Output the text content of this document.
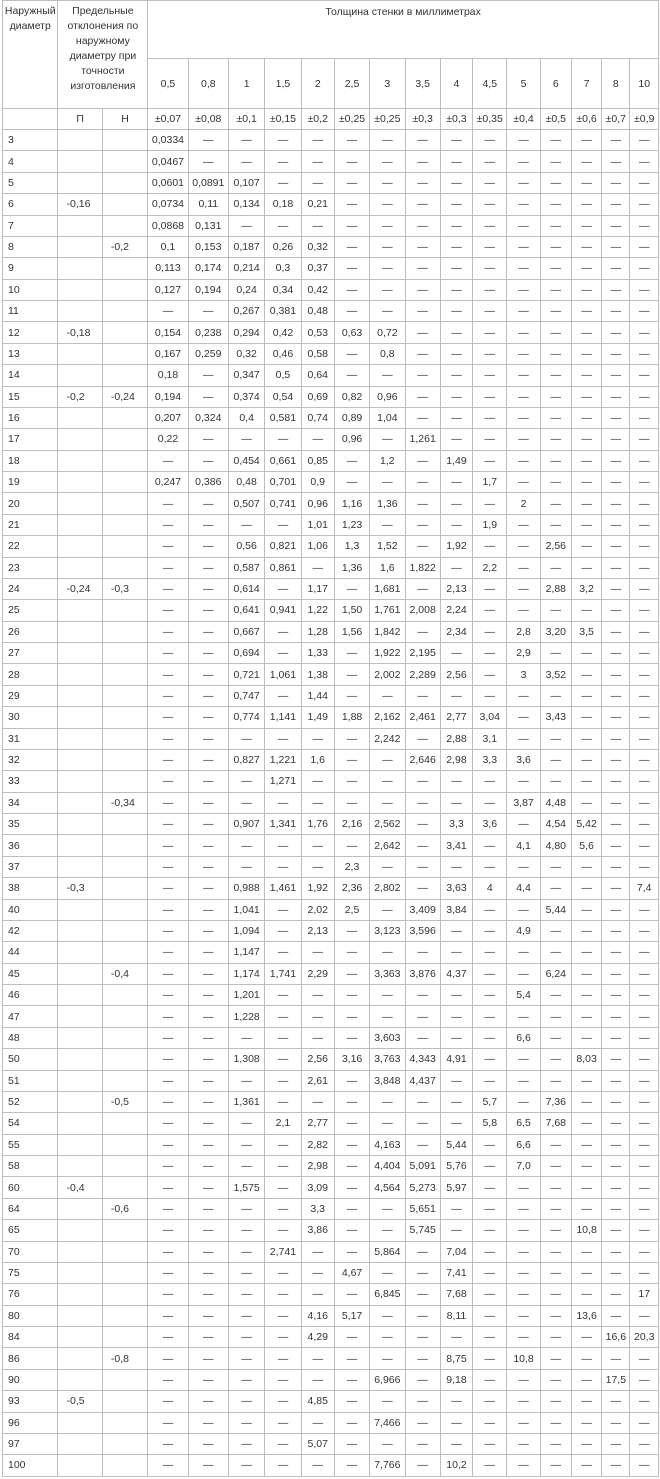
Наружный диаметр	Предельные отклонения по наружному диаметру при точности изготовления		Толщина стенки в миллиметрах														
			0,5	0,8	1	1,5	2	2,5	3	3,5	4	4,5	5	6	7	8	10
	П	Н	±0,07	±0,08	±0,1	±0,15	±0,2	±0,25	±0,25	±0,3	±0,3	±0,35	±0,4	±0,5	±0,6	±0,7	±0,9
3			0,0334	—	—	—	—	—	—	—	—	—	—	—	—	—	—
4			0,0467	—	—	—	—	—	—	—	—	—	—	—	—	—	—
5			0,0601	0,0891	0,107	—	—	—	—	—	—	—	—	—	—	—	—
6	-0,16		0,0734	0,11	0,134	0,18	0,21	—	—	—	—	—	—	—	—	—	—
7			0,0868	0,131	—	—	—	—	—	—	—	—	—	—	—	—	—
8		-0,2	0,1	0,153	0,187	0,26	0,32	—	—	—	—	—	—	—	—	—	—
9			0,113	0,174	0,214	0,3	0,37	—	—	—	—	—	—	—	—	—	—
10			0,127	0,194	0,24	0,34	0,42	—	—	—	—	—	—	—	—	—	—
11			—	—	0,267	0,381	0,48	—	—	—	—	—	—	—	—	—	—
12	-0,18		0,154	0,238	0,294	0,42	0,53	0,63	0,72	—	—	—	—	—	—	—	—
13			0,167	0,259	0,32	0,46	0,58	—	0,8	—	—	—	—	—	—	—	—
14			0,18	—	0,347	0,5	0,64	—	—	—	—	—	—	—	—	—	—
15	-0,2	-0,24	0,194	—	0,374	0,54	0,69	0,82	0,96	—	—	—	—	—	—	—	—
16			0,207	0,324	0,4	0,581	0,74	0,89	1,04	—	—	—	—	—	—	—	—
17			0,22	—	—	—	—	0,96	—	1,261	—	—	—	—	—	—	—
18			—	—	0,454	0,661	0,85	—	1,2	—	1,49	—	—	—	—	—	—
19			0,247	0,386	0,48	0,701	0,9	—	—	—	—	1,7	—	—	—	—	—
20			—	—	0,507	0,741	0,96	1,16	1,36	—	—	—	2	—	—	—	—
21			—	—	—	—	1,01	1,23	—	—	—	1,9	—	—	—	—	—
22			—	—	0,56	0,821	1,06	1,3	1,52	—	1,92	—	—	2,56	—	—	—
23			—	—	0,587	0,861	—	1,36	1,6	1,822	—	2,2	—	—	—	—	—
24	-0,24	-0,3	—	—	0,614	—	1,17	—	1,681	—	2,13	—	—	2,88	3,2	—	—
25			—	—	0,641	0,941	1,22	1,50	1,761	2,008	2,24	—	—	—	—	—	—
26			—	—	0,667	—	1,28	1,56	1,842	—	2,34	—	2,8	3,20	3,5	—	—
27			—	—	0,694	—	1,33	—	1,922	2,195	—	—	2,9	—	—	—	—
28			—	—	0,721	1,061	1,38	—	2,002	2,289	2,56	—	3	3,52	—	—	—
29			—	—	0,747	—	1,44	—	—	—	—	—	—	—	—	—	—
30			—	—	0,774	1,141	1,49	1,88	2,162	2,461	2,77	3,04	—	3,43	—	—	—
31			—	—	—	—	—	—	2,242	—	2,88	3,1	—	—	—	—	—
32			—	—	0,827	1,221	1,6	—	—	2,646	2,98	3,3	3,6	—	—	—	—
33			—	—	—	1,271	—	—	—	—	—	—	—	—	—	—	—
34		-0,34	—	—	—	—	—	—	—	—	—	—	3,87	4,48	—	—	—
35			—	—	0,907	1,341	1,76	2,16	2,562	—	3,3	3,6	—	4,54	5,42	—	—
36			—	—	—	—	—	—	2,642	—	3,41	—	4,1	4,80	5,6	—	—
37			—	—	—	—	—	2,3	—	—	—	—	—	—	—	—	—
38	-0,3		—	—	0,988	1,461	1,92	2,36	2,802	—	3,63	4	4,4	—	—	—	7,4
40			—	—	1,041	—	2,02	2,5	—	3,409	3,84	—	—	5,44	—	—	—
42			—	—	1,094	—	2,13	—	3,123	3,596	—	—	4,9	—	—	—	—
44			—	—	1,147	—	—	—	—	—	—	—	—	—	—	—	—
45		-0,4	—	—	1,174	1,741	2,29	—	3,363	3,876	4,37	—	—	6,24	—	—	—
46			—	—	1,201	—	—	—	—	—	—	—	5,4	—	—	—	—
47			—	—	1,228	—	—	—	—	—	—	—	—	—	—	—	—
48			—	—	—	—	—	—	3,603	—	—	—	6,6	—	—	—	—
50			—	—	1,308	—	2,56	3,16	3,763	4,343	4,91	—	—	—	8,03	—	—
51			—	—	—	—	2,61	—	3,848	4,437	—	—	—	—	—	—	—
52		-0,5	—	—	1,361	—	—	—	—	—	—	5,7	—	7,36	—	—	—
54			—	—	—	2,1	2,77	—	—	—	—	5,8	6,5	7,68	—	—	—
55			—	—	—	—	2,82	—	4,163	—	5,44	—	6,6	—	—	—	—
58			—	—	—	—	2,98	—	4,404	5,091	5,76	—	7,0	—	—	—	—
60	-0,4		—	—	1,575	—	3,09	—	4,564	5,273	5,97	—	—	—	—	—	—
64		-0,6	—	—	—	—	3,3	—	—	5,651	—	—	—	—	—	—	—
65			—	—	—	—	3,86	—	—	5,745	—	—	—	—	10,8	—	—
70			—	—	—	2,741	—	—	5,864	—	7,04	—	—	—	—	—	—
75			—	—	—	—	—	4,67	—	—	7,41	—	—	—	—	—	—
76			—	—	—	—	—	—	6,845	—	7,68	—	—	—	—	—	17
80			—	—	—	—	4,16	5,17	—	—	8,11	—	—	—	13,6	—	—
84			—	—	—	—	4,29	—	—	—	—	—	—	—	—	16,6	20,3
86		-0,8	—	—	—	—	—	—	—	—	8,75	—	10,8	—	—	—	—
90			—	—	—	—	—	—	6,966	—	9,18	—	—	—	—	17,5	—
93	-0,5		—	—	—	—	4,85	—	—	—	—	—	—	—	—	—	—
96			—	—	—	—	—	—	7,466	—	—	—	—	—	—	—	—
97			—	—	—	—	5,07	—	—	—	—	—	—	—	—	—	—
100			—	—	—	—	—	—	7,766	—	10,2	—	—	—	—	—	—
